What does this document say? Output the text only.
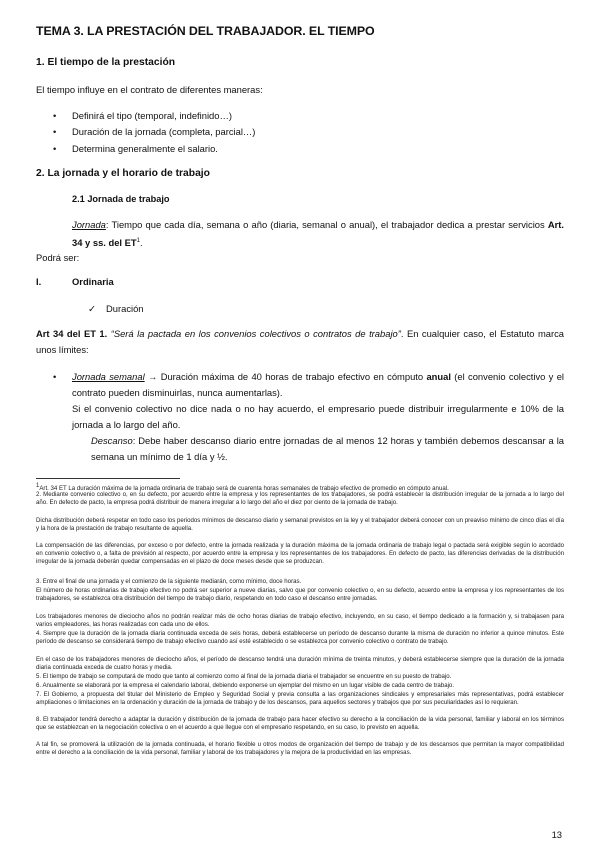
TEMA 3. LA PRESTACIÓN DEL TRABAJADOR. EL TIEMPO
1. El tiempo de la prestación
El tiempo influye en el contrato de diferentes maneras:
• Definirá el tipo (temporal, indefinido…)
• Duración de la jornada (completa, parcial…)
• Determina generalmente el salario.
2. La jornada y el horario de trabajo
2.1 Jornada de trabajo
Jornada: Tiempo que cada día, semana o año (diaria, semanal o anual), el trabajador dedica a prestar servicios Art. 34 y ss. del $ET^1$.
Podrá ser:
I.	Ordinaria
✓ Duración
Art 34 del ET 1. “Será la pactada en los convenios colectivos o contratos de trabajo”. En cualquier caso, el Estatuto marca unos límites:
• Jornada semanal → Duración máxima de 40 horas de trabajo efectivo en cómputo anual (el convenio colectivo y el contrato pueden disminuirlas, nunca aumentarlas).
Si el convenio colectivo no dice nada o no hay acuerdo, el empresario puede distribuir irregularmente e 10% de la jornada a lo largo del año.
Descanso: Debe haber descanso diario entre jornadas de al menos 12 horas y también debemos descansar a la semana un mínimo de 1 día y ½.
$^1$Art. 34 ET La duración máxima de la jornada ordinaria de trabajo será de cuarenta horas semanales de trabajo efectivo de promedio en cómputo anual.
2. Mediante convenio colectivo o, en su defecto, por acuerdo entre la empresa y los representantes de los trabajadores, se podrá establecer la distribución irregular de la jornada a lo largo del año. En defecto de pacto, la empresa podrá distribuir de manera irregular a lo largo del año el diez por ciento de la jornada de trabajo.
Dicha distribución deberá respetar en todo caso los periodos mínimos de descanso diario y semanal previstos en la ley y el trabajador deberá conocer con un preaviso mínimo de cinco días el día y la hora de la prestación de trabajo resultante de aquella.
La compensación de las diferencias, por exceso o por defecto, entre la jornada realizada y la duración máxima de la jornada ordinaria de trabajo legal o pactada será exigible según lo acordado en convenio colectivo o, a falta de previsión al respecto, por acuerdo entre la empresa y los representantes de los trabajadores. En defecto de pacto, las diferencias derivadas de la distribución irregular de la jornada deberán quedar compensadas en el plazo de doce meses desde que se produzcan.
3. Entre el final de una jornada y el comienzo de la siguiente mediarán, como mínimo, doce horas.
El número de horas ordinarias de trabajo efectivo no podrá ser superior a nueve diarias, salvo que por convenio colectivo o, en su defecto, acuerdo entre la empresa y los representantes de los trabajadores, se establezca otra distribución del tiempo de trabajo diario, respetando en todo caso el descanso entre jornadas.
Los trabajadores menores de dieciocho años no podrán realizar más de ocho horas diarias de trabajo efectivo, incluyendo, en su caso, el tiempo dedicado a la formación y, si trabajasen para varios empleadores, las horas realizadas con cada uno de ellos.
4. Siempre que la duración de la jornada diaria continuada exceda de seis horas, deberá establecerse un período de descanso durante la misma de duración no inferior a quince minutos. Este período de descanso se considerará tiempo de trabajo efectivo cuando así esté establecido o se establezca por convenio colectivo o contrato de trabajo.
En el caso de los trabajadores menores de dieciocho años, el período de descanso tendrá una duración mínima de treinta minutos, y deberá establecerse siempre que la duración de la jornada diaria continuada exceda de cuatro horas y media.
5. El tiempo de trabajo se computará de modo que tanto al comienzo como al final de la jornada diaria el trabajador se encuentre en su puesto de trabajo.
6. Anualmente se elaborará por la empresa el calendario laboral, debiendo exponerse un ejemplar del mismo en un lugar visible de cada centro de trabajo.
7. El Gobierno, a propuesta del titular del Ministerio de Empleo y Seguridad Social y previa consulta a las organizaciones sindicales y empresariales más representativas, podrá establecer ampliaciones o limitaciones en la ordenación y duración de la jornada de trabajo y de los descansos, para aquellos sectores y trabajos que por sus peculiaridades así lo requieran.
8. El trabajador tendrá derecho a adaptar la duración y distribución de la jornada de trabajo para hacer efectivo su derecho a la conciliación de la vida personal, familiar y laboral en los términos que se establezcan en la negociación colectiva o en el acuerdo a que llegue con el empresario respetando, en su caso, lo previsto en aquella.
A tal fin, se promoverá la utilización de la jornada continuada, el horario flexible u otros modos de organización del tiempo de trabajo y de los descansos que permitan la mayor compatibilidad entre el derecho a la conciliación de la vida personal, familiar y laboral de los trabajadores y la mejora de la productividad en las empresas.
13
